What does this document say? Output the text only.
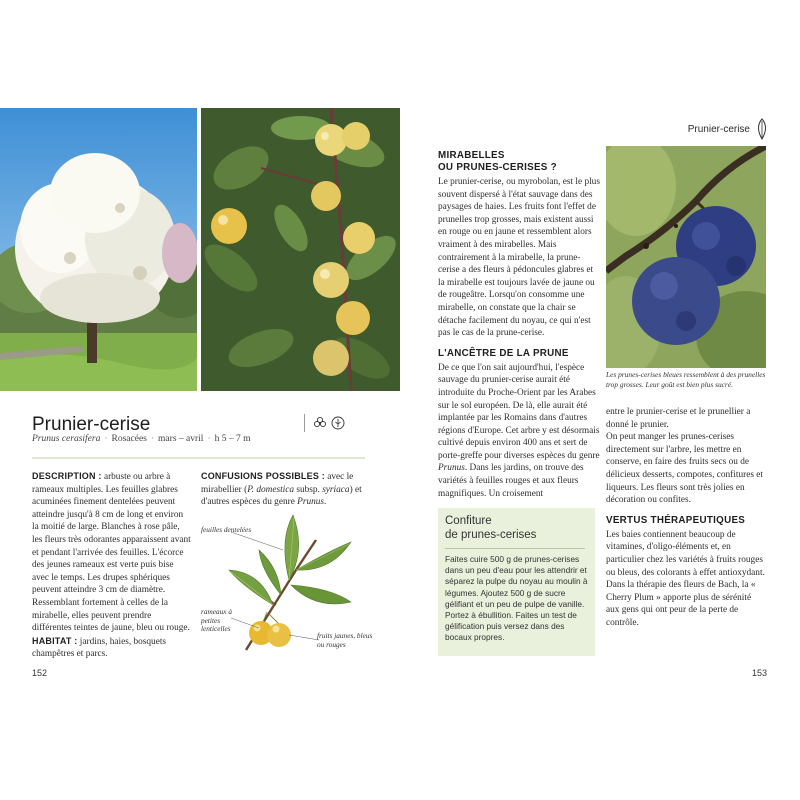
Prunier-cerise
Prunus cerasifera · Rosacées · mars – avril · h 5 – 7 m

DESCRIPTION : arbuste ou arbre à rameaux multiples. Les feuilles glabres acuminées finement dentelées peuvent atteindre jusqu'à 8 cm de long et environ la moitié de large. Blanches à rose pâle, les fleurs très odorantes apparaissent avant et pendant l'arrivée des feuilles. L'écorce des jeunes rameaux est verte puis bise avec le temps. Les drupes sphériques peuvent atteindre 3 cm de diamètre. Ressemblant fortement à celles de la mirabelle, elles peuvent prendre différentes teintes de jaune, bleu ou rouge.

HABITAT : jardins, haies, bosquets champêtres et parcs.

CONFUSIONS POSSIBLES : avec le mirabellier (P. domestica subsp. syriaca) et d'autres espèces du genre Prunus.

feuilles dentelées
rameaux à petites lenticelles
fruits jaunes, bleus ou rouges
152
Prunier-cerise
MIRABELLES
OU PRUNES-CERISES ?

Le prunier-cerise, ou myrobolan, est le plus souvent dispersé à l'état sauvage dans des paysages de haies. Les fruits font l'effet de prunelles trop grosses, mais existent aussi en rouge ou en jaune et ressemblent alors vraiment à des mirabelles. Mais contrairement à la mirabelle, la prune-cerise a des fleurs à pédoncules glabres et la mirabelle est toujours lavée de jaune ou de rougeâtre. Lorsqu'on consomme une mirabelle, on constate que la chair se détache facilement du noyau, ce qui n'est pas le cas de la prune-cerise.

L'ANCÊTRE DE LA PRUNE

De ce que l'on sait aujourd'hui, l'espèce sauvage du prunier-cerise aurait été introduite du Proche-Orient par les Arabes sur le sol européen. De là, elle aurait été implantée par les Romains dans d'autres régions d'Europe. Cet arbre y est désormais cultivé depuis environ 400 ans et sert de porte-greffe pour diverses espèces du genre Prunus. Dans les jardins, on trouve des variétés à feuilles rouges et aux fleurs magnifiques. Un croisement

Les prunes-cerises bleues ressemblent à des prunelles trop grosses. Leur goût est bien plus sucré.

entre le prunier-cerise et le prunellier a donné le prunier.

On peut manger les prunes-cerises directement sur l'arbre, les mettre en conserve, en faire des fruits secs ou de délicieux desserts, compotes, confitures et liqueurs. Les fleurs sont très jolies en décoration ou confites.

VERTUS THÉRAPEUTIQUES

Les baies contiennent beaucoup de vitamines, d'oligo-éléments et, en particulier chez les variétés à fruits rouges ou bleus, des colorants à effet antioxydant.

Dans la thérapie des fleurs de Bach, la « Cherry Plum » apporte plus de sérénité aux gens qui ont peur de la perte de contrôle.

Confiture
de prunes-cerises
Faites cuire 500 g de prunes-cerises dans un peu d'eau pour les attendrir et séparez la pulpe du noyau au moulin à légumes. Ajoutez 500 g de sucre gélifiant et un peu de pulpe de vanille. Portez à ébullition. Faites un test de gélification puis versez dans des bocaux propres.
153
